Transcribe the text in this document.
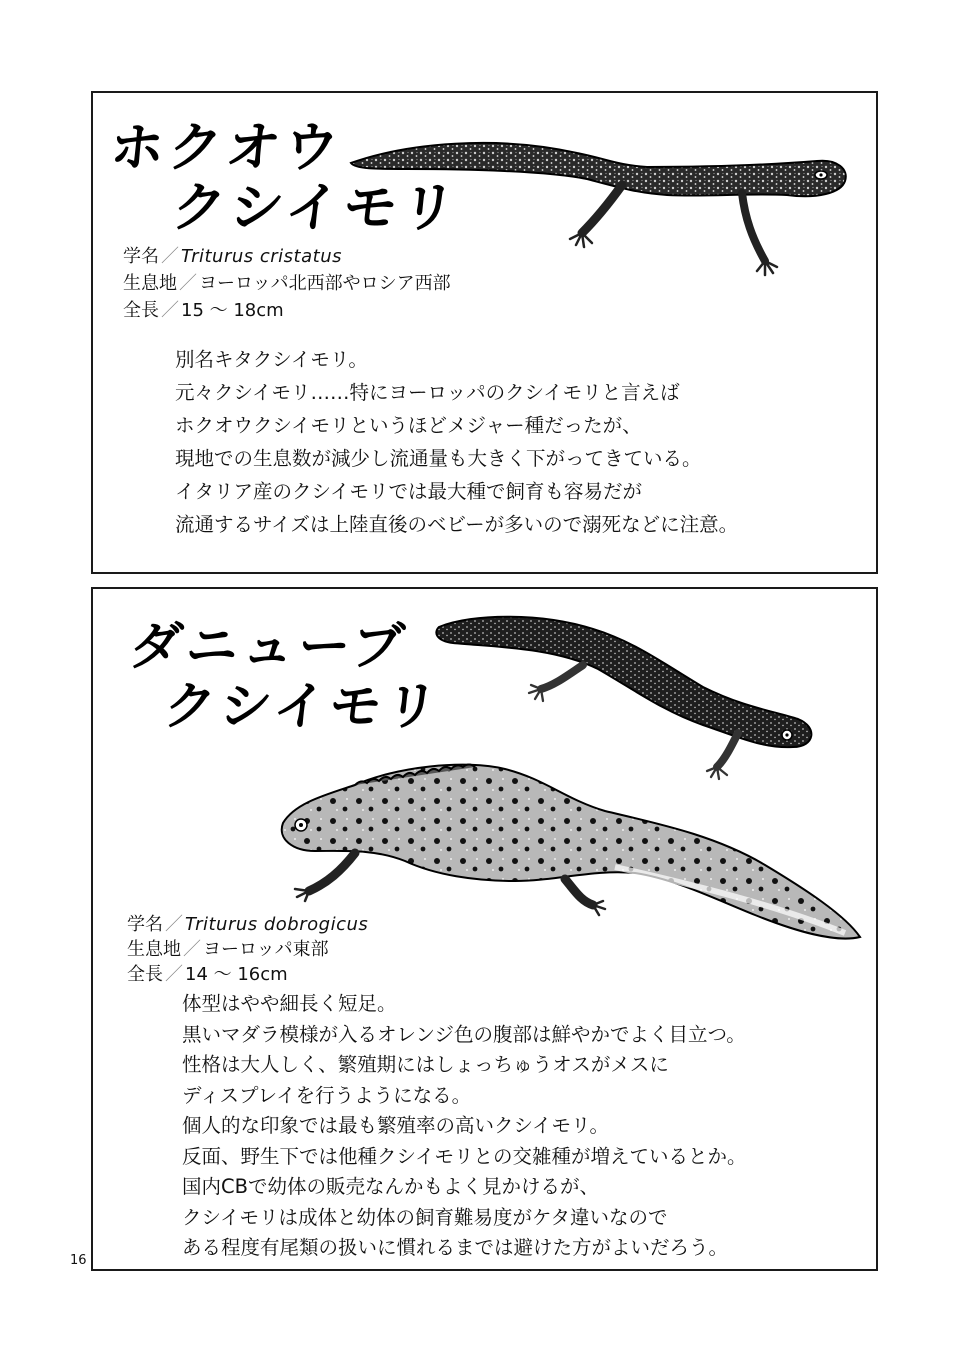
ホクオウ
クシイモリ
学名 ／ Triturus cristatus
生息地 ／ ヨーロッパ北西部やロシア西部
全長 ／ 15 〜 18cm
別名キタクシイモリ。
元々クシイモリ……特にヨーロッパのクシイモリと言えば
ホクオウクシイモリというほどメジャー種だったが、
現地での生息数が減少し流通量も大きく下がってきている。
イタリア産のクシイモリでは最大種で飼育も容易だが
流通するサイズは上陸直後のベビーが多いので溺死などに注意。
ダニューブ
クシイモリ
学名 ／ Triturus dobrogicus
生息地 ／ ヨーロッパ東部
全長 ／ 14 〜 16cm
体型はやや細長く短足。
黒いマダラ模様が入るオレンジ色の腹部は鮮やかでよく目立つ。
性格は大人しく、繁殖期にはしょっちゅうオスがメスに
ディスプレイを行うようになる。
個人的な印象では最も繁殖率の高いクシイモリ。
反面、野生下では他種クシイモリとの交雑種が増えているとか。
国内CBで幼体の販売なんかもよく見かけるが、
クシイモリは成体と幼体の飼育難易度がケタ違いなので
ある程度有尾類の扱いに慣れるまでは避けた方がよいだろう。
16
